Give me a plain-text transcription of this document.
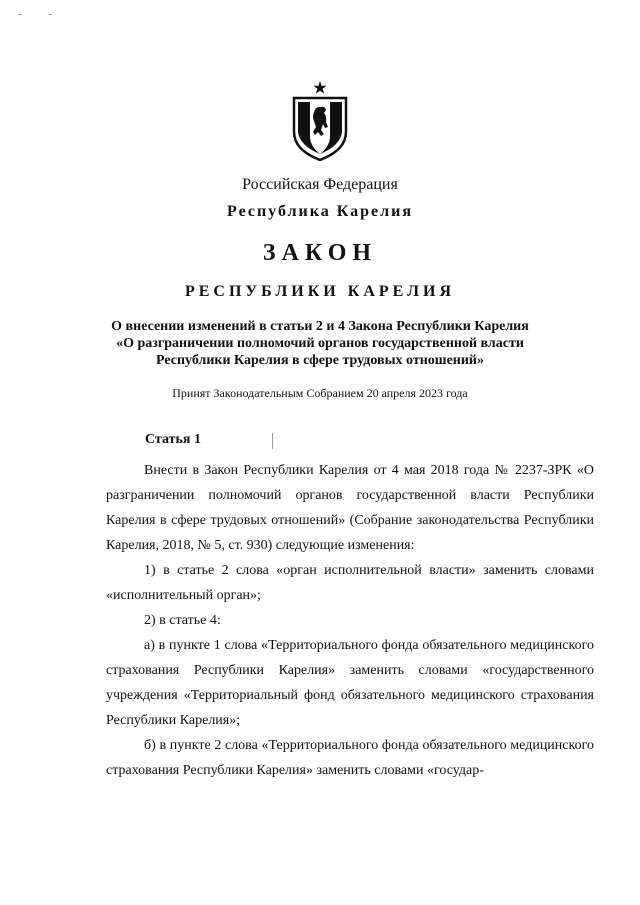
- -
Российская Федерация
Республика Карелия
ЗАКОН
РЕСПУБЛИКИ КАРЕЛИЯ
О внесении изменений в статьи 2 и 4 Закона Республики Карелия «О разграничении полномочий органов государственной власти Республики Карелия в сфере трудовых отношений»
Принят Законодательным Собранием 20 апреля 2023 года
Статья 1

Внести в Закон Республики Карелия от 4 мая 2018 года № 2237-ЗРК «О разграничении полномочий органов государственной власти Республики Карелия в сфере трудовых отношений» (Собрание законодательства Республики Карелия, 2018, № 5, ст. 930) следующие изменения:

1) в статье 2 слова «орган исполнительной власти» заменить словами «исполнительный орган»;

2) в статье 4:

а) в пункте 1 слова «Территориального фонда обязательного медицинского страхования Республики Карелия» заменить словами «государственного учреждения «Территориальный фонд обязательного медицинского страхования Республики Карелия»;

б) в пункте 2 слова «Территориального фонда обязательного медицинского страхования Республики Карелия» заменить словами «государ-
